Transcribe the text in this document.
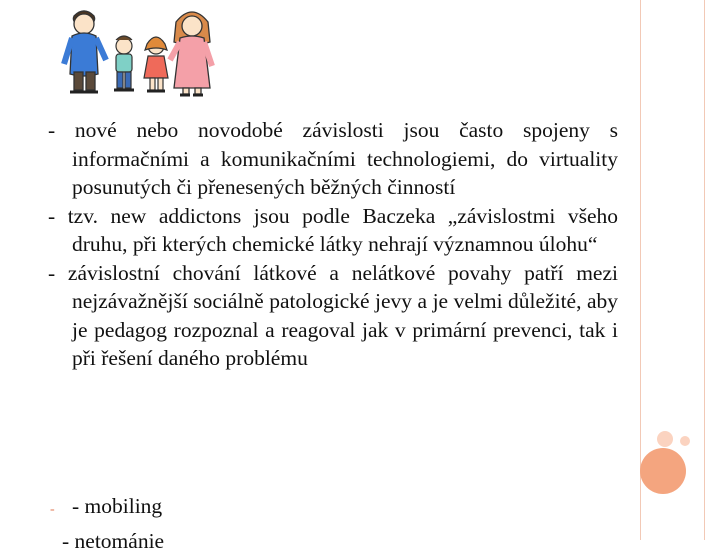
- nové nebo novodobé závislosti jsou často spojeny s informačními a komunikačními technologiemi, do virtuality posunutých či přenesených běžných činností

- tzv. new addictons jsou podle Baczeka „závislostmi všeho druhu, při kterých chemické látky nehrají významnou úlohu“

- závislostní chování látkové a nelátkové povahy patří mezi nejzávažnější sociálně patologické jevy a je velmi důležité, aby je pedagog rozpoznal a reagoval jak v primární prevenci, tak i při řešení daného problému

- - mobiling
- netománie
